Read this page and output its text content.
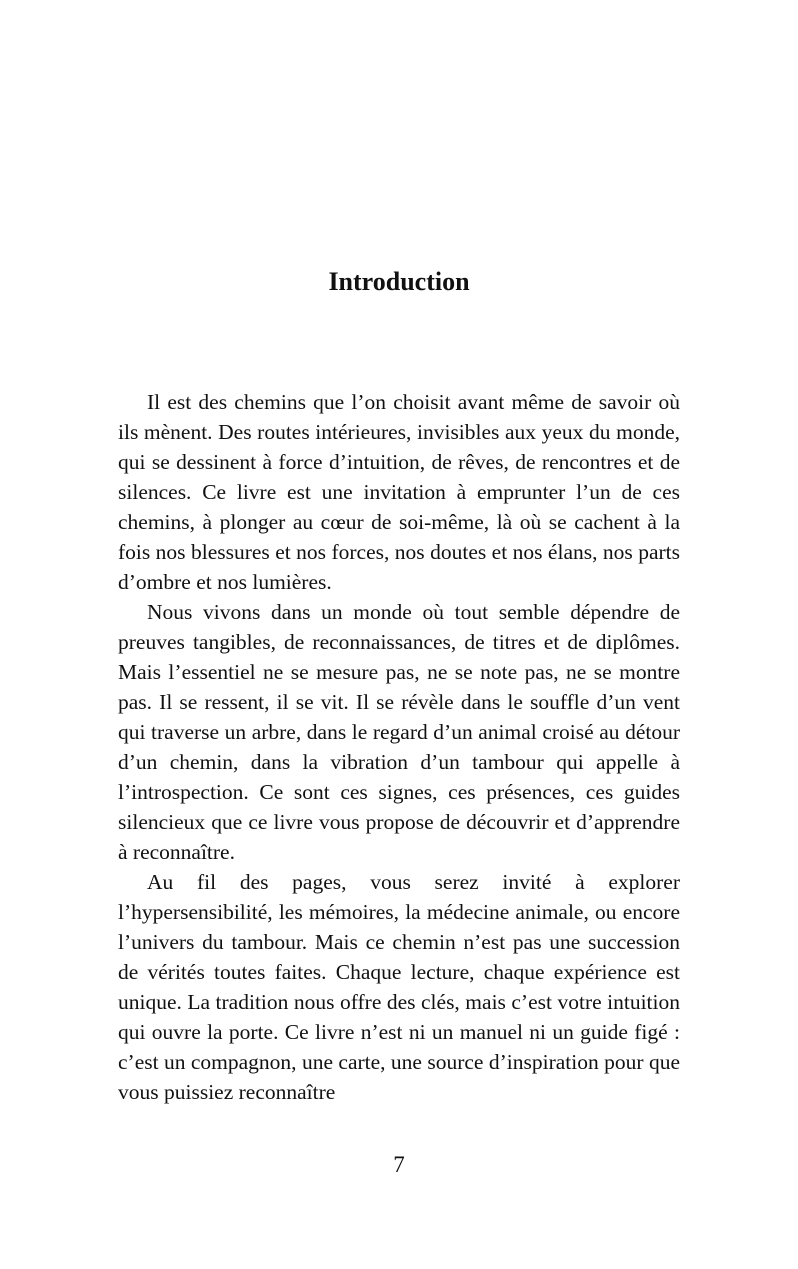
Introduction

Il est des chemins que l’on choisit avant même de savoir où ils mènent. Des routes intérieures, invisibles aux yeux du monde, qui se dessinent à force d’intuition, de rêves, de rencontres et de silences. Ce livre est une invitation à emprunter l’un de ces chemins, à plonger au cœur de soi-même, là où se cachent à la fois nos blessures et nos forces, nos doutes et nos élans, nos parts d’ombre et nos lumières.

Nous vivons dans un monde où tout semble dépendre de preuves tangibles, de reconnaissances, de titres et de diplômes. Mais l’essentiel ne se mesure pas, ne se note pas, ne se montre pas. Il se ressent, il se vit. Il se révèle dans le souffle d’un vent qui traverse un arbre, dans le regard d’un animal croisé au détour d’un chemin, dans la vibration d’un tambour qui appelle à l’introspection. Ce sont ces signes, ces présences, ces guides silencieux que ce livre vous propose de découvrir et d’apprendre à reconnaître.

Au fil des pages, vous serez invité à explorer l’hypersensibilité, les mémoires, la médecine animale, ou encore l’univers du tambour. Mais ce chemin n’est pas une succession de vérités toutes faites. Chaque lecture, chaque expérience est unique. La tradition nous offre des clés, mais c’est votre intuition qui ouvre la porte. Ce livre n’est ni un manuel ni un guide figé : c’est un compagnon, une carte, une source d’inspiration pour que vous puissiez reconnaître

7
